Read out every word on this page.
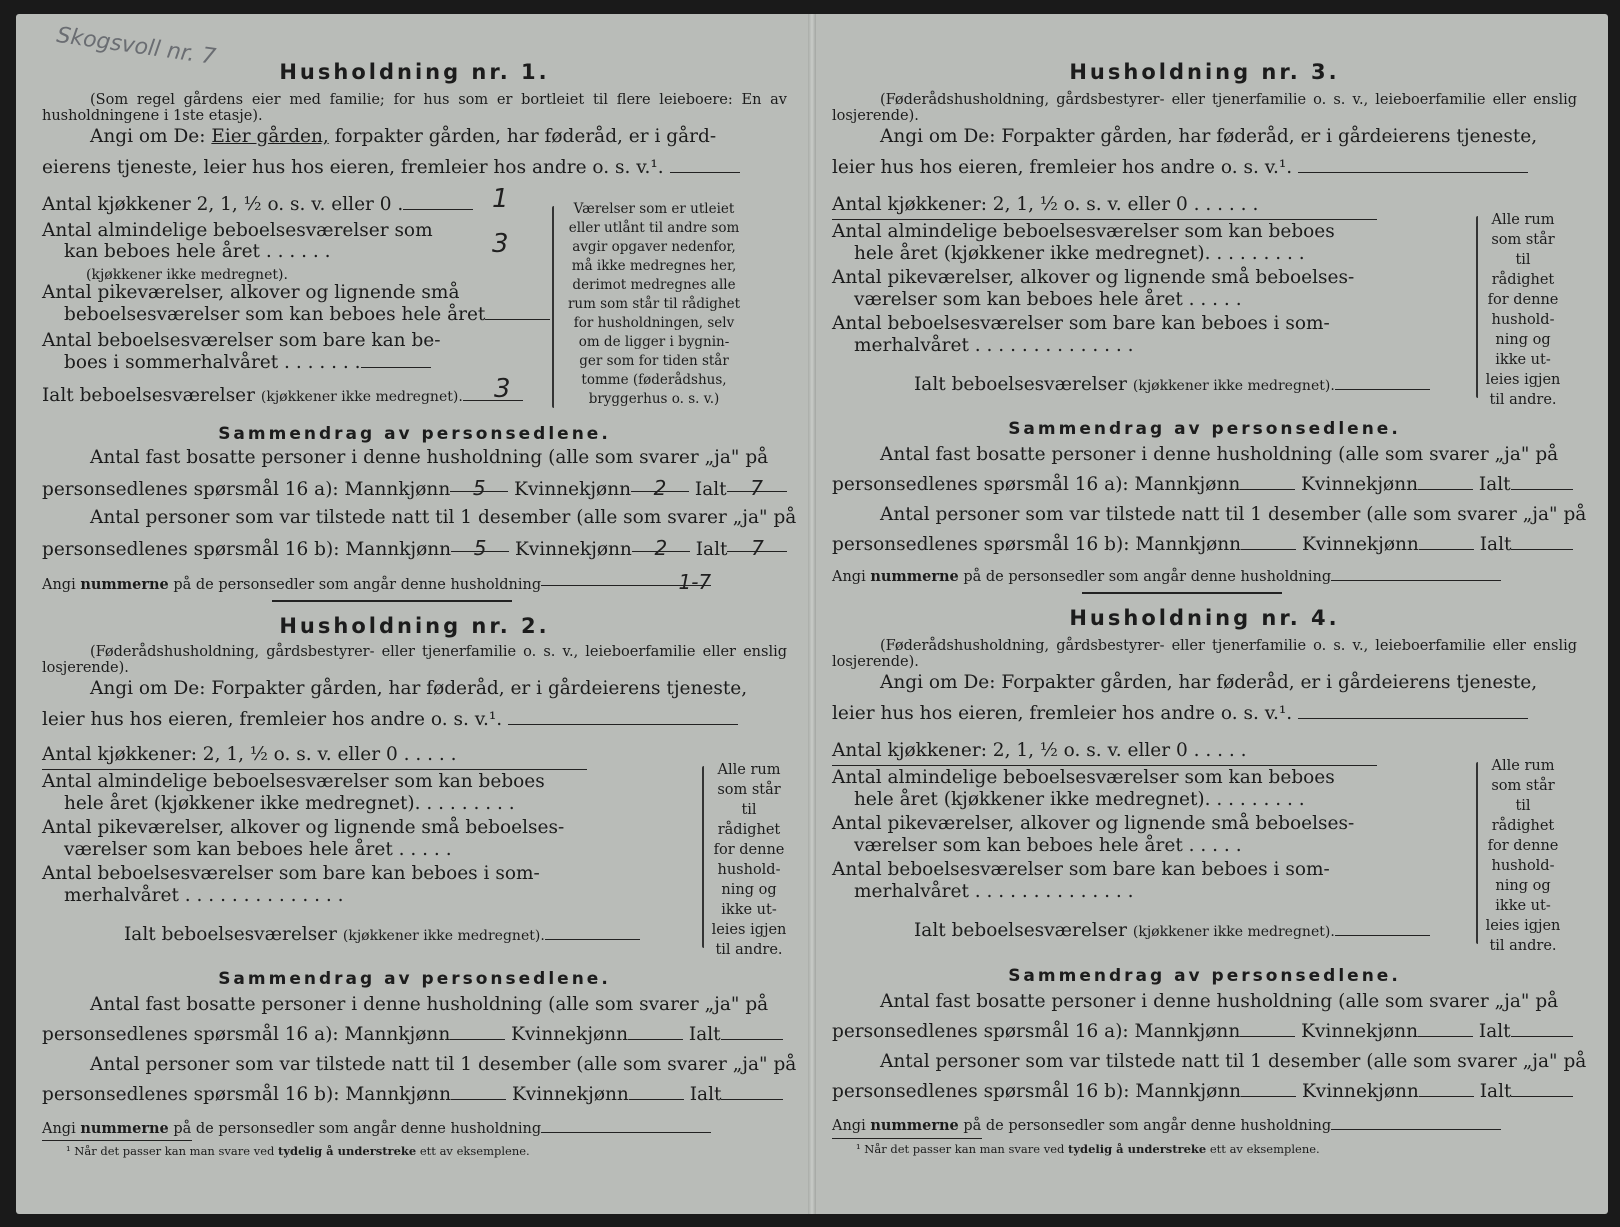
Skogsvoll nr. 7
Husholdning nr. 1.
(Som regel gårdens eier med familie; for hus som er bortleiet til flere leieboere: En av husholdningene i 1ste etasje).
Angi om De: Eier gården, forpakter gården, har føderåd, er i gård-
eierens tjeneste, leier hus hos eieren, fremleier hos andre o. s. v.¹.
Antal kjøkkener 2, 1, ½ o. s. v. eller 0 .	1
Antal almindelige beboelsesværelser som
kan beboes hele året . . . . . .	3
(kjøkkener ikke medregnet).
Antal pikeværelser, alkover og lignende små
beboelsesværelser som kan beboes hele året
Antal beboelsesværelser som bare kan be-
boes i sommerhalvåret . . . . . . .
Ialt beboelsesværelser (kjøkkener ikke medregnet).	3
Værelser som er utleiet
eller utlånt til andre som
avgir opgaver nedenfor,
må ikke medregnes her,
derimot medregnes alle
rum som står til rådighet
for husholdningen, selv
om de ligger i bygnin-
ger som for tiden står
tomme (føderådshus,
bryggerhus o. s. v.)
Sammendrag av personsedlene.
Antal fast bosatte personer i denne husholdning (alle som svarer „ja" på
personsedlenes spørsmål 16 a): Mannkjønn 5 Kvinnekjønn 2 Ialt 7
Antal personer som var tilstede natt til 1 desember (alle som svarer „ja" på
personsedlenes spørsmål 16 b): Mannkjønn 5 Kvinnekjønn 2 Ialt 7
Angi nummerne på de personsedler som angår denne husholdning	1-7
Husholdning nr. 2.
(Føderådshusholdning, gårdsbestyrer- eller tjenerfamilie o. s. v., leieboerfamilie eller enslig losjerende).
Angi om De: Forpakter gården, har føderåd, er i gårdeierens tjeneste,
leier hus hos eieren, fremleier hos andre o. s. v.¹.
Antal kjøkkener: 2, 1, ½ o. s. v. eller 0 . . . . .
Antal almindelige beboelsesværelser som kan beboes
hele året (kjøkkener ikke medregnet). . . . . . . . .
Antal pikeværelser, alkover og lignende små beboelses-
værelser som kan beboes hele året . . . . .
Antal beboelsesværelser som bare kan beboes i som-
merhalvåret . . . . . . . . . . . . . .
Ialt beboelsesværelser (kjøkkener ikke medregnet).
Alle rum
som står til
rådighet
for denne
hushold-
ning og
ikke ut-
leies igjen
til andre.
Sammendrag av personsedlene.
Antal fast bosatte personer i denne husholdning (alle som svarer „ja" på
personsedlenes spørsmål 16 a): Mannkjønn	Kvinnekjønn	Ialt
Antal personer som var tilstede natt til 1 desember (alle som svarer „ja" på
personsedlenes spørsmål 16 b): Mannkjønn	Kvinnekjønn	Ialt
Angi nummerne på de personsedler som angår denne husholdning
¹ Når det passer kan man svare ved tydelig å understreke ett av eksemplene.
Husholdning nr. 3.
(Føderådshusholdning, gårdsbestyrer- eller tjenerfamilie o. s. v., leieboerfamilie eller enslig losjerende).
Angi om De: Forpakter gården, har føderåd, er i gårdeierens tjeneste,
leier hus hos eieren, fremleier hos andre o. s. v.¹.
Antal kjøkkener: 2, 1, ½ o. s. v. eller 0 . . . . . .
Antal almindelige beboelsesværelser som kan beboes
hele året (kjøkkener ikke medregnet). . . . . . . . .
Antal pikeværelser, alkover og lignende små beboelses-
værelser som kan beboes hele året . . . . .
Antal beboelsesværelser som bare kan beboes i som-
merhalvåret . . . . . . . . . . . . . .
Ialt beboelsesværelser (kjøkkener ikke medregnet).
Alle rum
som står til
rådighet
for denne
hushold-
ning og
ikke ut-
leies igjen
til andre.
Sammendrag av personsedlene.
Antal fast bosatte personer i denne husholdning (alle som svarer „ja" på
personsedlenes spørsmål 16 a): Mannkjønn	Kvinnekjønn	Ialt
Antal personer som var tilstede natt til 1 desember (alle som svarer „ja" på
personsedlenes spørsmål 16 b): Mannkjønn	Kvinnekjønn	Ialt
Angi nummerne på de personsedler som angår denne husholdning
Husholdning nr. 4.
(Føderådshusholdning, gårdsbestyrer- eller tjenerfamilie o. s. v., leieboerfamilie eller enslig losjerende).
Angi om De: Forpakter gården, har føderåd, er i gårdeierens tjeneste,
leier hus hos eieren, fremleier hos andre o. s. v.¹.
Antal kjøkkener: 2, 1, ½ o. s. v. eller 0 . . . . .
Antal almindelige beboelsesværelser som kan beboes
hele året (kjøkkener ikke medregnet). . . . . . . . .
Antal pikeværelser, alkover og lignende små beboelses-
værelser som kan beboes hele året . . . . .
Antal beboelsesværelser som bare kan beboes i som-
merhalvåret . . . . . . . . . . . . . .
Ialt beboelsesværelser (kjøkkener ikke medregnet).
Alle rum
som står til
rådighet
for denne
hushold-
ning og
ikke ut-
leies igjen
til andre.
Sammendrag av personsedlene.
Antal fast bosatte personer i denne husholdning (alle som svarer „ja" på
personsedlenes spørsmål 16 a): Mannkjønn	Kvinnekjønn	Ialt
Antal personer som var tilstede natt til 1 desember (alle som svarer „ja" på
personsedlenes spørsmål 16 b): Mannkjønn	Kvinnekjønn	Ialt
Angi nummerne på de personsedler som angår denne husholdning
¹ Når det passer kan man svare ved tydelig å understreke ett av eksemplene.
